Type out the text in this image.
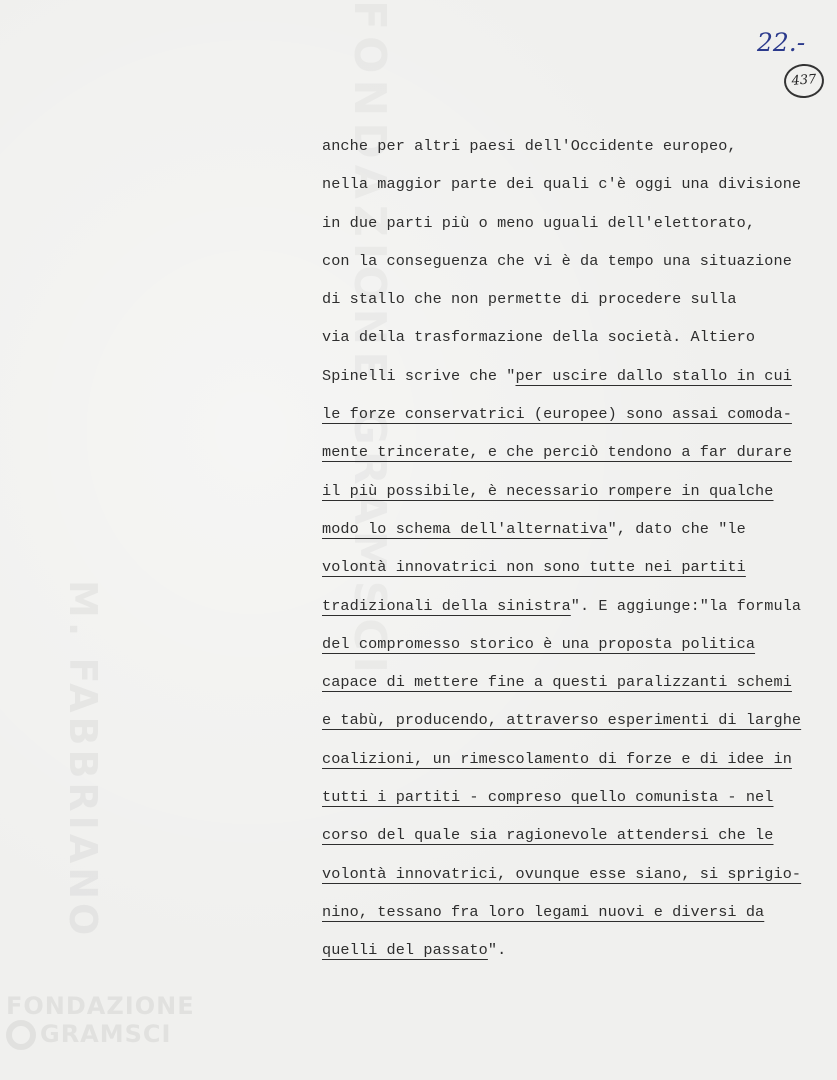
M. FABBRIANO
FONDAZIONE GRAMSCI
FONDAZIONE
GRAMSCI
22.-
437
anche per altri paesi dell'Occidente europeo,
nella maggior parte dei quali c'è oggi una divisione
in due parti più o meno uguali dell'elettorato,
con la conseguenza che vi è da tempo una situazione
di stallo che non permette di procedere sulla
via della trasformazione della società. Altiero
Spinelli scrive che "per uscire dallo stallo in cui
le forze conservatrici (europee) sono assai comoda-
mente trincerate, e che perciò tendono a far durare
il più possibile, è necessario rompere in qualche
modo lo schema dell'alternativa", dato che "le
volontà innovatrici non sono tutte nei partiti
tradizionali della sinistra". E aggiunge:"la formula
del compromesso storico è una proposta politica
capace di mettere fine a questi paralizzanti schemi
e tabù, producendo, attraverso esperimenti di larghe
coalizioni, un rimescolamento di forze e di idee in
tutti i partiti - compreso quello comunista - nel
corso del quale sia ragionevole attendersi che le
volontà innovatrici, ovunque esse siano, si sprigio-
nino, tessano fra loro legami nuovi e diversi da
quelli del passato".
